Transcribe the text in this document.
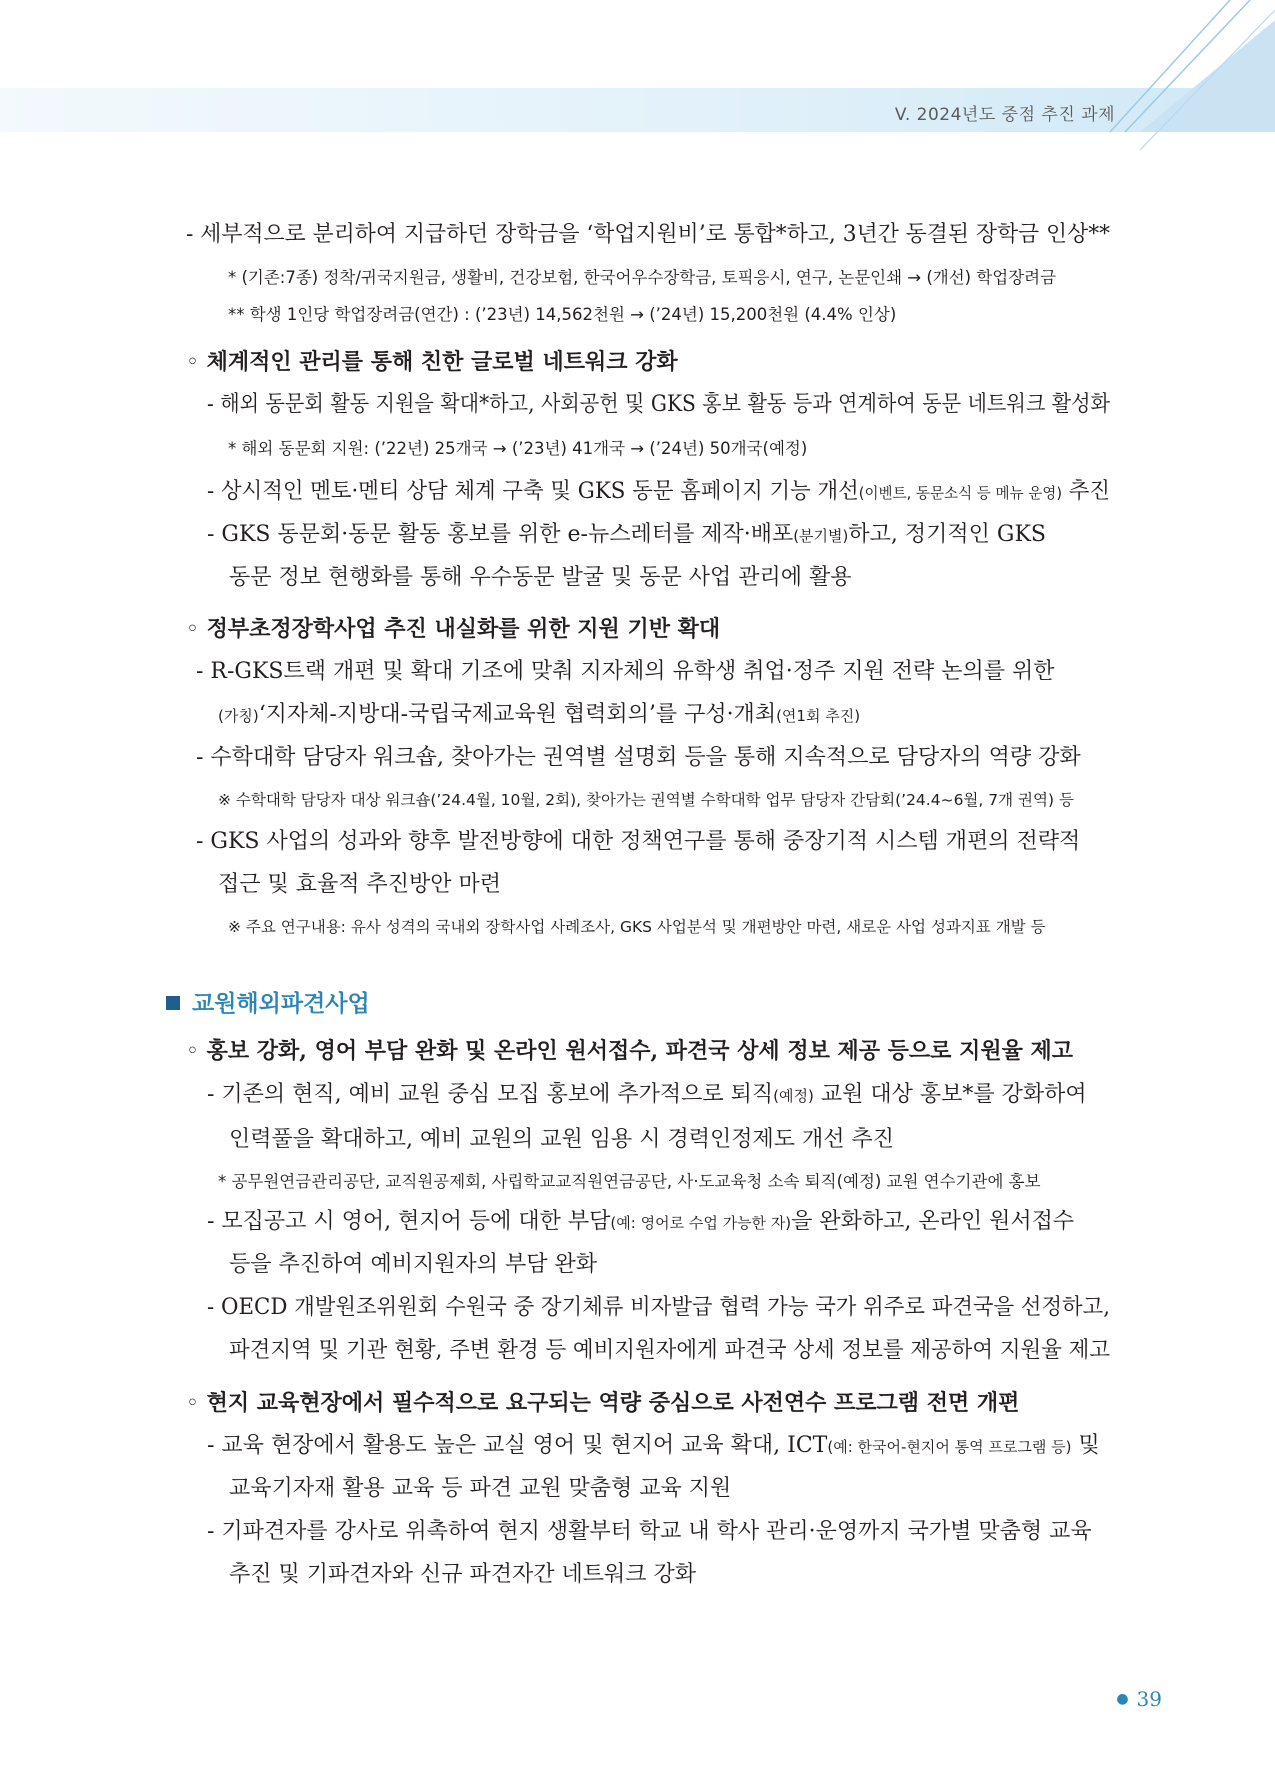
V. 2024년도 중점 추진 과제
- 세부적으로 분리하여 지급하던 장학금을 ‘학업지원비’로 통합*하고, 3년간 동결된 장학금 인상**
* (기존:7종) 정착/귀국지원금, 생활비, 건강보험, 한국어우수장학금, 토픽응시, 연구, 논문인쇄 → (개선) 학업장려금
** 학생 1인당 학업장려금(연간) : (’23년) 14,562천원 → (’24년) 15,200천원 (4.4% 인상)
◦ 체계적인 관리를 통해 친한 글로벌 네트워크 강화
- 해외 동문회 활동 지원을 확대*하고, 사회공헌 및 GKS 홍보 활동 등과 연계하여 동문 네트워크 활성화
* 해외 동문회 지원: (’22년) 25개국 → (’23년) 41개국 → (’24년) 50개국(예정)
- 상시적인 멘토·멘티 상담 체계 구축 및 GKS 동문 홈페이지 기능 개선(이벤트, 동문소식 등 메뉴 운영) 추진
- GKS 동문회·동문 활동 홍보를 위한 e-뉴스레터를 제작·배포(분기별)하고, 정기적인 GKS
동문 정보 현행화를 통해 우수동문 발굴 및 동문 사업 관리에 활용
◦ 정부초정장학사업 추진 내실화를 위한 지원 기반 확대
- R-GKS트랙 개편 및 확대 기조에 맞춰 지자체의 유학생 취업·정주 지원 전략 논의를 위한
(가칭)‘지자체-지방대-국립국제교육원 협력회의’를 구성·개최(연1회 추진)
- 수학대학 담당자 워크숍, 찾아가는 권역별 설명회 등을 통해 지속적으로 담당자의 역량 강화
※ 수학대학 담당자 대상 워크숍(’24.4월, 10월, 2회), 찾아가는 권역별 수학대학 업무 담당자 간담회(’24.4~6월, 7개 권역) 등
- GKS 사업의 성과와 향후 발전방향에 대한 정책연구를 통해 중장기적 시스템 개편의 전략적
접근 및 효율적 추진방안 마련
※ 주요 연구내용: 유사 성격의 국내외 장학사업 사례조사, GKS 사업분석 및 개편방안 마련, 새로운 사업 성과지표 개발 등
교원해외파견사업
◦ 홍보 강화, 영어 부담 완화 및 온라인 원서접수, 파견국 상세 정보 제공 등으로 지원율 제고
- 기존의 현직, 예비 교원 중심 모집 홍보에 추가적으로 퇴직(예정) 교원 대상 홍보*를 강화하여
인력풀을 확대하고, 예비 교원의 교원 임용 시 경력인정제도 개선 추진
* 공무원연금관리공단, 교직원공제회, 사립학교교직원연금공단, 사·도교육청 소속 퇴직(예정) 교원 연수기관에 홍보
- 모집공고 시 영어, 현지어 등에 대한 부담(예: 영어로 수업 가능한 자)을 완화하고, 온라인 원서접수
등을 추진하여 예비지원자의 부담 완화
- OECD 개발원조위원회 수원국 중 장기체류 비자발급 협력 가능 국가 위주로 파견국을 선정하고,
파견지역 및 기관 현황, 주변 환경 등 예비지원자에게 파견국 상세 정보를 제공하여 지원율 제고
◦ 현지 교육현장에서 필수적으로 요구되는 역량 중심으로 사전연수 프로그램 전면 개편
- 교육 현장에서 활용도 높은 교실 영어 및 현지어 교육 확대, ICT(예: 한국어-현지어 통역 프로그램 등) 및
교육기자재 활용 교육 등 파견 교원 맞춤형 교육 지원
- 기파견자를 강사로 위촉하여 현지 생활부터 학교 내 학사 관리·운영까지 국가별 맞춤형 교육
추진 및 기파견자와 신규 파견자간 네트워크 강화
● 39
